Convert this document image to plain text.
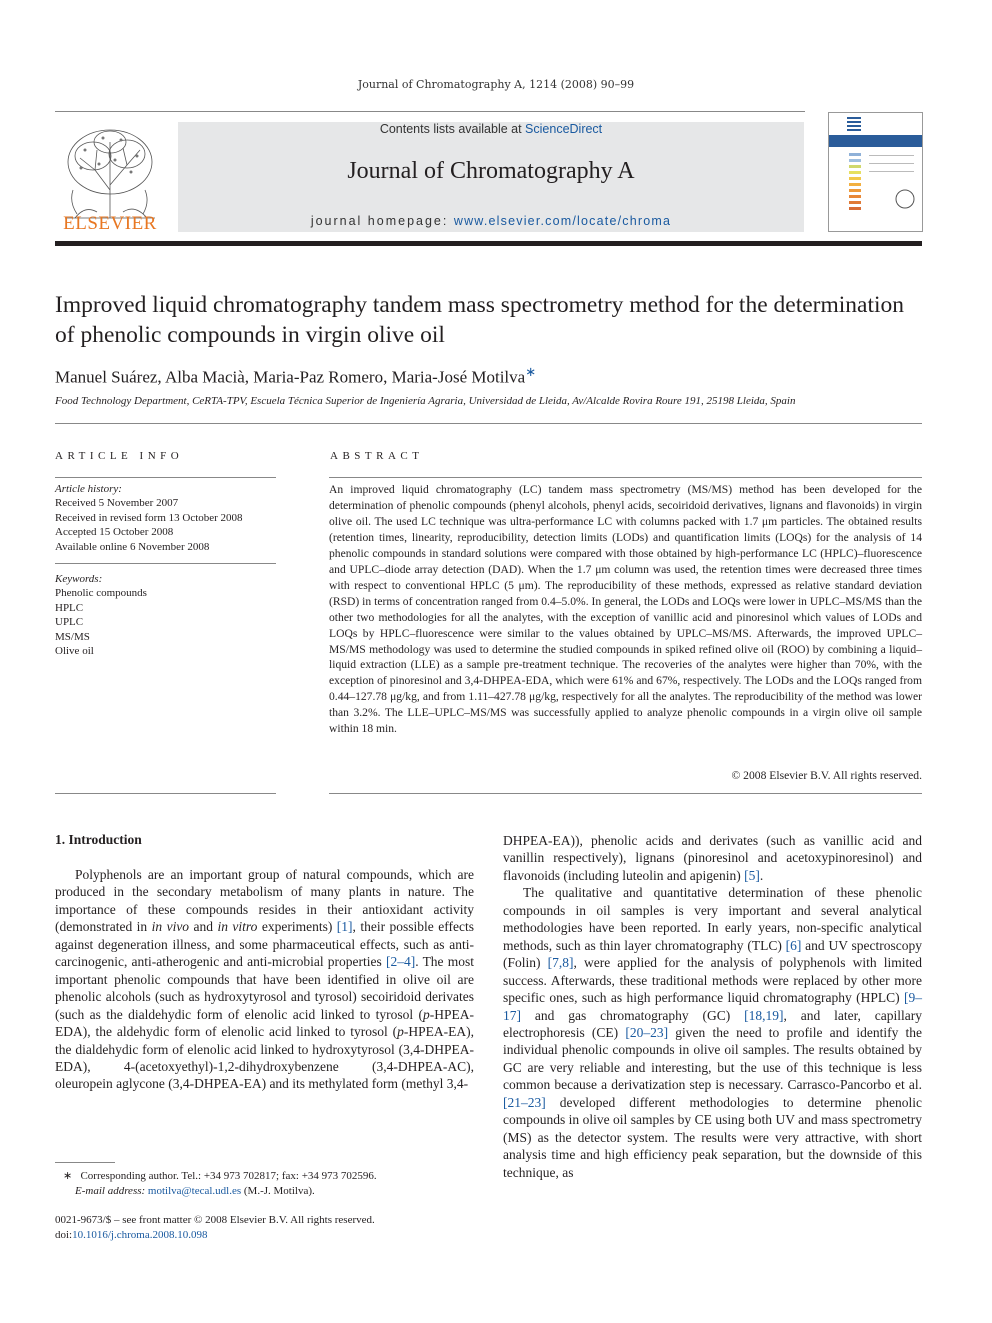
Journal of Chromatography A, 1214 (2008) 90–99
ELSEVIER
Contents lists available at ScienceDirect
Journal of Chromatography A
journal homepage: www.elsevier.com/locate/chroma
Improved liquid chromatography tandem mass spectrometry method for the determination of phenolic compounds in virgin olive oil
Manuel Suárez, Alba Macià, Maria-Paz Romero, Maria-José Motilva∗
Food Technology Department, CeRTA-TPV, Escuela Técnica Superior de Ingeniería Agraria, Universidad de Lleida, Av/Alcalde Rovira Roure 191, 25198 Lleida, Spain
ARTICLE INFO
Article history:
Received 5 November 2007
Received in revised form 13 October 2008
Accepted 15 October 2008
Available online 6 November 2008
Keywords:
Phenolic compounds
HPLC
UPLC
MS/MS
Olive oil
ABSTRACT
An improved liquid chromatography (LC) tandem mass spectrometry (MS/MS) method has been developed for the determination of phenolic compounds (phenyl alcohols, phenyl acids, secoiridoid derivatives, lignans and flavonoids) in virgin olive oil. The used LC technique was ultra-performance LC with columns packed with 1.7 μm particles. The obtained results (retention times, linearity, reproducibility, detection limits (LODs) and quantification limits (LOQs) for the analysis of 14 phenolic compounds in standard solutions were compared with those obtained by high-performance LC (HPLC)–fluorescence and UPLC–diode array detection (DAD). When the 1.7 μm column was used, the retention times were decreased three times with respect to conventional HPLC (5 μm). The reproducibility of these methods, expressed as relative standard deviation (RSD) in terms of concentration ranged from 0.4–5.0%. In general, the LODs and LOQs were lower in UPLC–MS/MS than the other two methodologies for all the analytes, with the exception of vanillic acid and pinoresinol which values of LODs and LOQs by HPLC–fluorescence were similar to the values obtained by UPLC–MS/MS. Afterwards, the improved UPLC–MS/MS methodology was used to determine the studied compounds in spiked refined olive oil (ROO) by combining a liquid–liquid extraction (LLE) as a sample pre-treatment technique. The recoveries of the analytes were higher than 70%, with the exception of pinoresinol and 3,4-DHPEA-EDA, which were 61% and 67%, respectively. The LODs and the LOQs ranged from 0.44–127.78 μg/kg, and from 1.11–427.78 μg/kg, respectively for all the analytes. The reproducibility of the method was lower than 3.2%. The LLE–UPLC–MS/MS was successfully applied to analyze phenolic compounds in a virgin olive oil sample within 18 min.
© 2008 Elsevier B.V. All rights reserved.
1. Introduction

Polyphenols are an important group of natural compounds, which are produced in the secondary metabolism of many plants in nature. The importance of these compounds resides in their antioxidant activity (demonstrated in in vivo and in vitro experiments) [1], their possible effects against degeneration illness, and some pharmaceutical effects, such as anti-carcinogenic, anti-atherogenic and anti-microbial properties [2–4]. The most important phenolic compounds that have been identified in olive oil are phenolic alcohols (such as hydroxytyrosol and tyrosol) secoiridoid derivates (such as the dialdehydic form of elenolic acid linked to tyrosol (p-HPEA-EDA), the aldehydic form of elenolic acid linked to tyrosol (p-HPEA-EA), the dialdehydic form of elenolic acid linked to hydroxytyrosol (3,4-DHPEA-EDA), 4-(acetoxyethyl)-1,2-dihydroxybenzene (3,4-DHPEA-AC), oleuropein aglycone (3,4-DHPEA-EA) and its methylated form (methyl 3,4-

DHPEA-EA)), phenolic acids and derivates (such as vanillic acid and vanillin respectively), lignans (pinoresinol and acetoxypinoresinol) and flavonoids (including luteolin and apigenin) [5].

The qualitative and quantitative determination of these phenolic compounds in oil samples is very important and several analytical methodologies have been reported. In early years, non-specific analytical methods, such as thin layer chromatography (TLC) [6] and UV spectroscopy (Folin) [7,8], were applied for the analysis of polyphenols with limited success. Afterwards, these traditional methods were replaced by other more specific ones, such as high performance liquid chromatography (HPLC) [9–17] and gas chromatography (GC) [18,19], and later, capillary electrophoresis (CE) [20–23] given the need to profile and identify the individual phenolic compounds in olive oil samples. The results obtained by GC are very reliable and interesting, but the use of this technique is less common because a derivatization step is necessary. Carrasco-Pancorbo et al. [21–23] developed different methodologies to determine phenolic compounds in olive oil samples by CE using both UV and mass spectrometry (MS) as the detector system. The results were very attractive, with short analysis time and high efficiency peak separation, but the downside of this technique, as

∗ Corresponding author. Tel.: +34 973 702817; fax: +34 973 702596.
E-mail address: motilva@tecal.udl.es (M.-J. Motilva).
0021-9673/$ – see front matter © 2008 Elsevier B.V. All rights reserved.
doi:10.1016/j.chroma.2008.10.098
